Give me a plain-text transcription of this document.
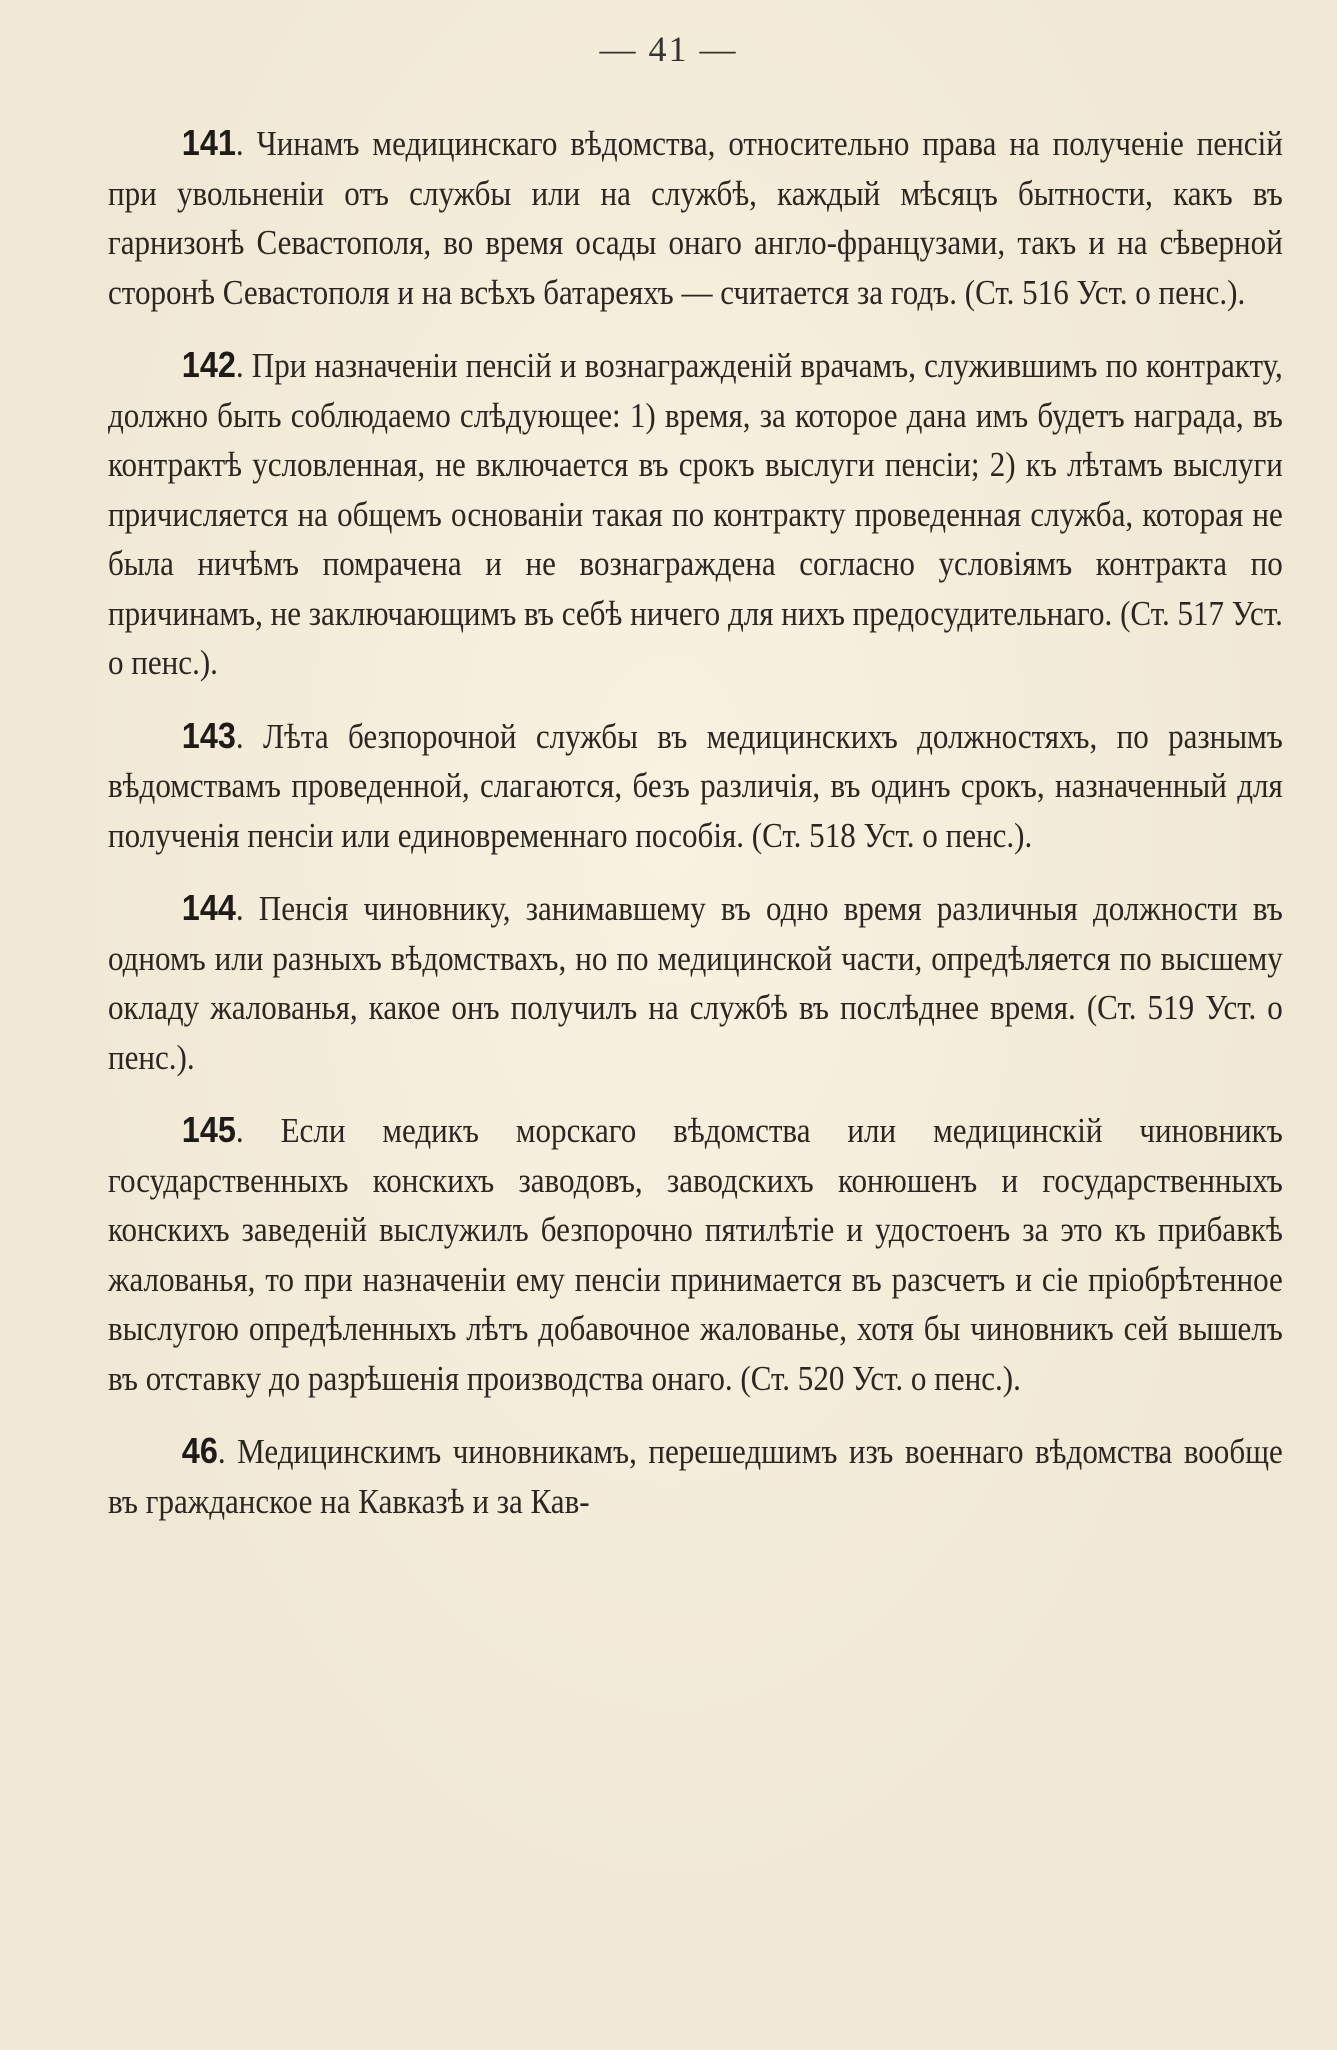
— 41 —

141. Чинамъ медицинскаго вѣдомства, относительно права на полученіе пенсій при увольненіи отъ службы или на службѣ, каждый мѣсяцъ бытности, какъ въ гарнизонѣ Севастополя, во время осады онаго англо-французами, такъ и на сѣверной сторонѣ Севастополя и на всѣхъ батареяхъ — считается за годъ. (Ст. 516 Уст. о пенс.).

142. При назначеніи пенсій и вознагражденій врачамъ, служившимъ по контракту, должно быть соблюдаемо слѣдующее: 1) время, за которое дана имъ будетъ награда, въ контрактѣ условленная, не включается въ срокъ выслуги пенсіи; 2) къ лѣтамъ выслуги причисляется на общемъ основаніи такая по контракту проведенная служба, которая не была ничѣмъ помрачена и не вознаграждена согласно условіямъ контракта по причинамъ, не заключающимъ въ себѣ ничего для нихъ предосудительнаго. (Ст. 517 Уст. о пенс.).

143. Лѣта безпорочной службы въ медицинскихъ должностяхъ, по разнымъ вѣдомствамъ проведенной, слагаются, безъ различія, въ одинъ срокъ, назначенный для полученія пенсіи или единовременнаго пособія. (Ст. 518 Уст. о пенс.).

144. Пенсія чиновнику, занимавшему въ одно время различныя должности въ одномъ или разныхъ вѣдомствахъ, но по медицинской части, опредѣляется по высшему окладу жалованья, какое онъ получилъ на службѣ въ послѣднее время. (Ст. 519 Уст. о пенс.).

145. Если медикъ морскаго вѣдомства или медицинскій чиновникъ государственныхъ конскихъ заводовъ, заводскихъ конюшенъ и государственныхъ конскихъ заведеній выслужилъ безпорочно пятилѣтіе и удостоенъ за это къ прибавкѣ жалованья, то при назначеніи ему пенсіи принимается въ разсчетъ и сіе пріобрѣтенное выслугою опредѣленныхъ лѣтъ добавочное жалованье, хотя бы чиновникъ сей вышелъ въ отставку до разрѣшенія производства онаго. (Ст. 520 Уст. о пенс.).

46. Медицинскимъ чиновникамъ, перешедшимъ изъ военнаго вѣдомства вообще въ гражданское на Кавказѣ и за Кав-
